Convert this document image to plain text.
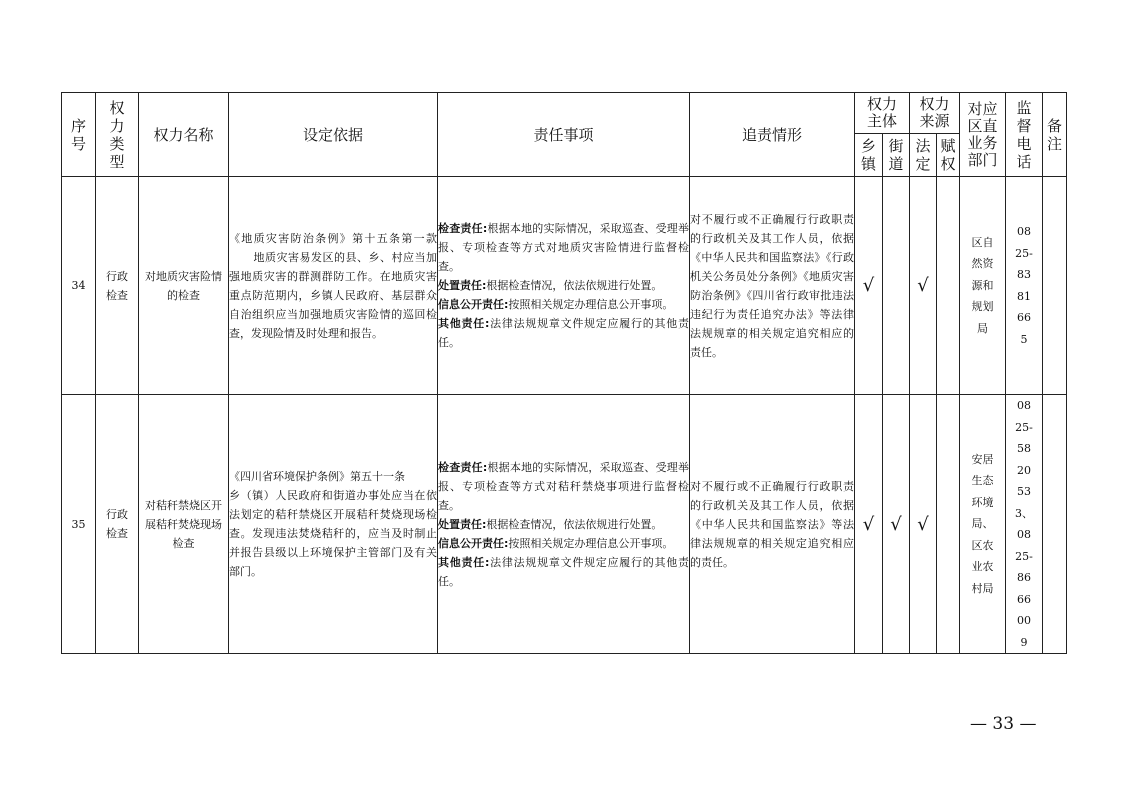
序号	权力类型	权力名称	设定依据	责任事项	追责情形	权力主体		权力来源		对应区直业务部门	监督电话	备注
						乡镇	街道	法定	赋权			
34	行政检查	对地质灾害险情的检查	《地质灾害防治条例》第十五条第一款地质灾害易发区的县、乡、村应当加强地质灾害的群测群防工作。在地质灾害重点防范期内，乡镇人民政府、基层群众自治组织应当加强地质灾害险情的巡回检查，发现险情及时处理和报告。	检查责任:根据本地的实际情况，采取巡查、受理举报、专项检查等方式对地质灾害险情进行监督检查。
处置责任:根据检查情况，依法依规进行处置。
信息公开责任:按照相关规定办理信息公开事项。
其他责任:法律法规规章文件规定应履行的其他责任。	对不履行或不正确履行行政职责的行政机关及其工作人员，依据《中华人民共和国监察法》《行政机关公务员处分条例》《地质灾害防治条例》《四川省行政审批违法违纪行为责任追究办法》等法律法规规章的相关规定追究相应的责任。	√		√		区自然资源和规划局	0825-8381665	
35	行政检查	对秸秆禁烧区开展秸秆焚烧现场检查	《四川省环境保护条例》第五十一条
乡（镇）人民政府和街道办事处应当在依法划定的秸秆禁烧区开展秸秆焚烧现场检查。发现违法焚烧秸秆的，应当及时制止并报告县级以上环境保护主管部门及有关部门。	检查责任:根据本地的实际情况，采取巡查、受理举报、专项检查等方式对秸秆禁烧事项进行监督检查。
处置责任:根据检查情况，依法依规进行处置。
信息公开责任:按照相关规定办理信息公开事项。
其他责任:法律法规规章文件规定应履行的其他责任。	对不履行或不正确履行行政职责的行政机关及其工作人员，依据《中华人民共和国监察法》等法律法规规章的相关规定追究相应的责任。	√	√	√		安居生态环境局、区农业农村局	0825-5820533、0825-8666009	
— 33 —
